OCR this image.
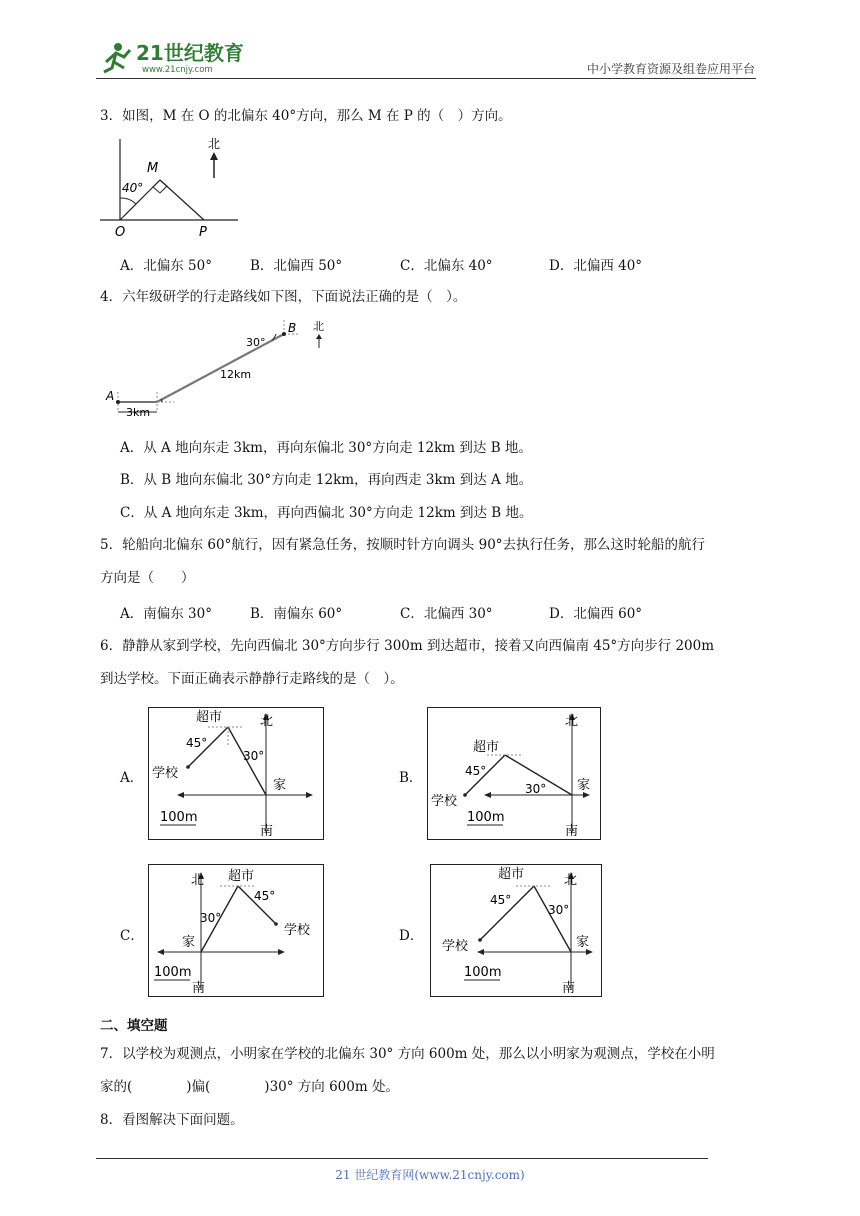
21世纪教育
www.21cnjy.com	中小学教育资源及组卷应用平台
3．如图，M 在 O 的北偏东 40°方向，那么 M 在 P 的（　）方向。
40°
M
O	P
北
A．北偏东 50°	B．北偏西 50°	C．北偏东 40°	D．北偏西 40°
4．六年级研学的行走路线如下图，下面说法正确的是（　）。
A
B
30°
12km
3km
北
A．从 A 地向东走 3km，再向东偏北 30°方向走 12km 到达 B 地。
B．从 B 地向东偏北 30°方向走 12km，再向西走 3km 到达 A 地。
C．从 A 地向东走 3km，再向西偏北 30°方向走 12km 到达 B 地。
5．轮船向北偏东 60°航行，因有紧急任务，按顺时针方向调头 90°去执行任务，那么这时轮船的航行
方向是（　　）
A．南偏东 30°	B．南偏东 60°	C．北偏西 30°	D．北偏西 60°
6．静静从家到学校，先向西偏北 30°方向步行 300m 到达超市，接着又向西偏南 45°方向步行 200m
到达学校。下面正确表示静静行走路线的是（　）。
A．	B．
C．	D．
超市	北
45°
30°
学校
家
南
100m
超市
北
45°
30°
学校
家
南
100m
超市
北
45°
30°
学校
家
南
100m
超市	北
45°
30°
学校	家
南
100m
二、填空题
7．以学校为观测点，小明家在学校的北偏东 30° 方向 600m 处，那么以小明家为观测点，学校在小明
家的(　　　　)偏(　　　　)30° 方向 600m 处。
8．看图解决下面问题。
21 世纪教育网(www.21cnjy.com)
